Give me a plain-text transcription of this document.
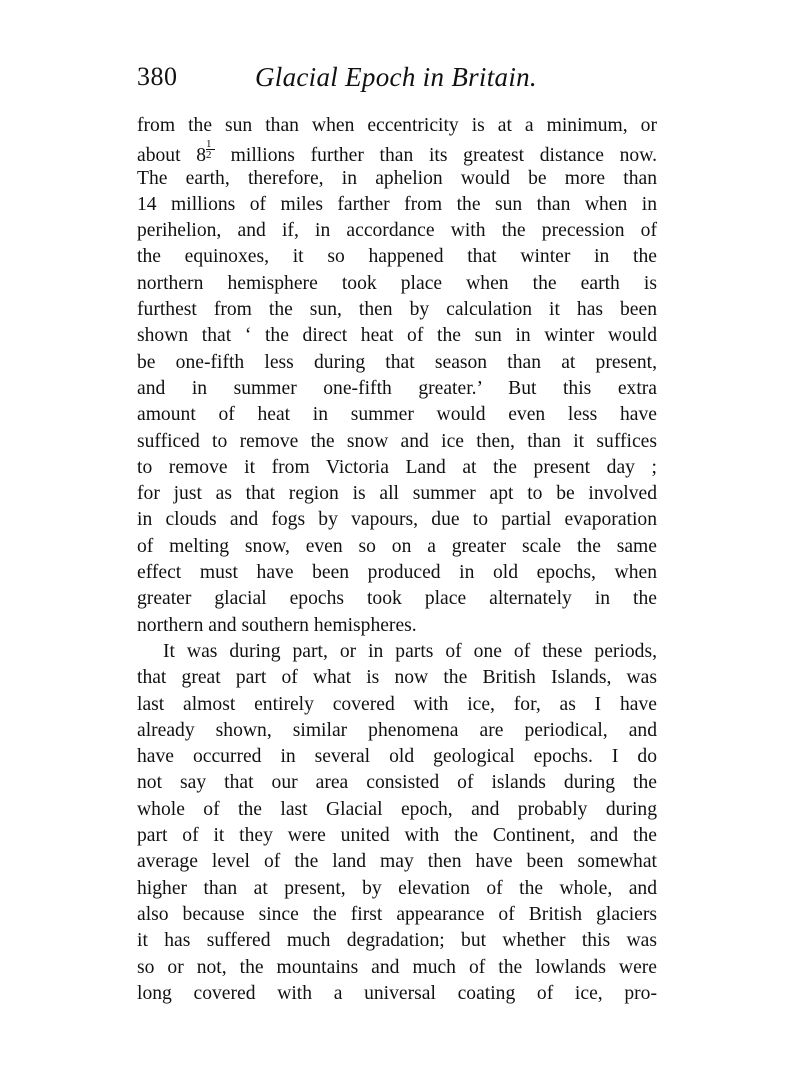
380	Glacial Epoch in Britain.
from the sun than when eccentricity is at a minimum, or
about $8 \frac{1}{2}$ millions further than its greatest distance now.
The earth, therefore, in aphelion would be more than
14 millions of miles farther from the sun than when in
perihelion, and if, in accordance with the precession of
the equinoxes, it so happened that winter in the
northern hemisphere took place when the earth is
furthest from the sun, then by calculation it has been
shown that ‘ the direct heat of the sun in winter would
be one-fifth less during that season than at present,
and in summer one-fifth greater.’ But this extra
amount of heat in summer would even less have
sufficed to remove the snow and ice then, than it suffices
to remove it from Victoria Land at the present day ;
for just as that region is all summer apt to be involved
in clouds and fogs by vapours, due to partial evaporation
of melting snow, even so on a greater scale the same
effect must have been produced in old epochs, when
greater glacial epochs took place alternately in the
northern and southern hemispheres.
It was during part, or in parts of one of these periods,
that great part of what is now the British Islands, was
last almost entirely covered with ice, for, as I have
already shown, similar phenomena are periodical, and
have occurred in several old geological epochs. I do
not say that our area consisted of islands during the
whole of the last Glacial epoch, and probably during
part of it they were united with the Continent, and the
average level of the land may then have been somewhat
higher than at present, by elevation of the whole, and
also because since the first appearance of British glaciers
it has suffered much degradation; but whether this was
so or not, the mountains and much of the lowlands were
long covered with a universal coating of ice, pro-
